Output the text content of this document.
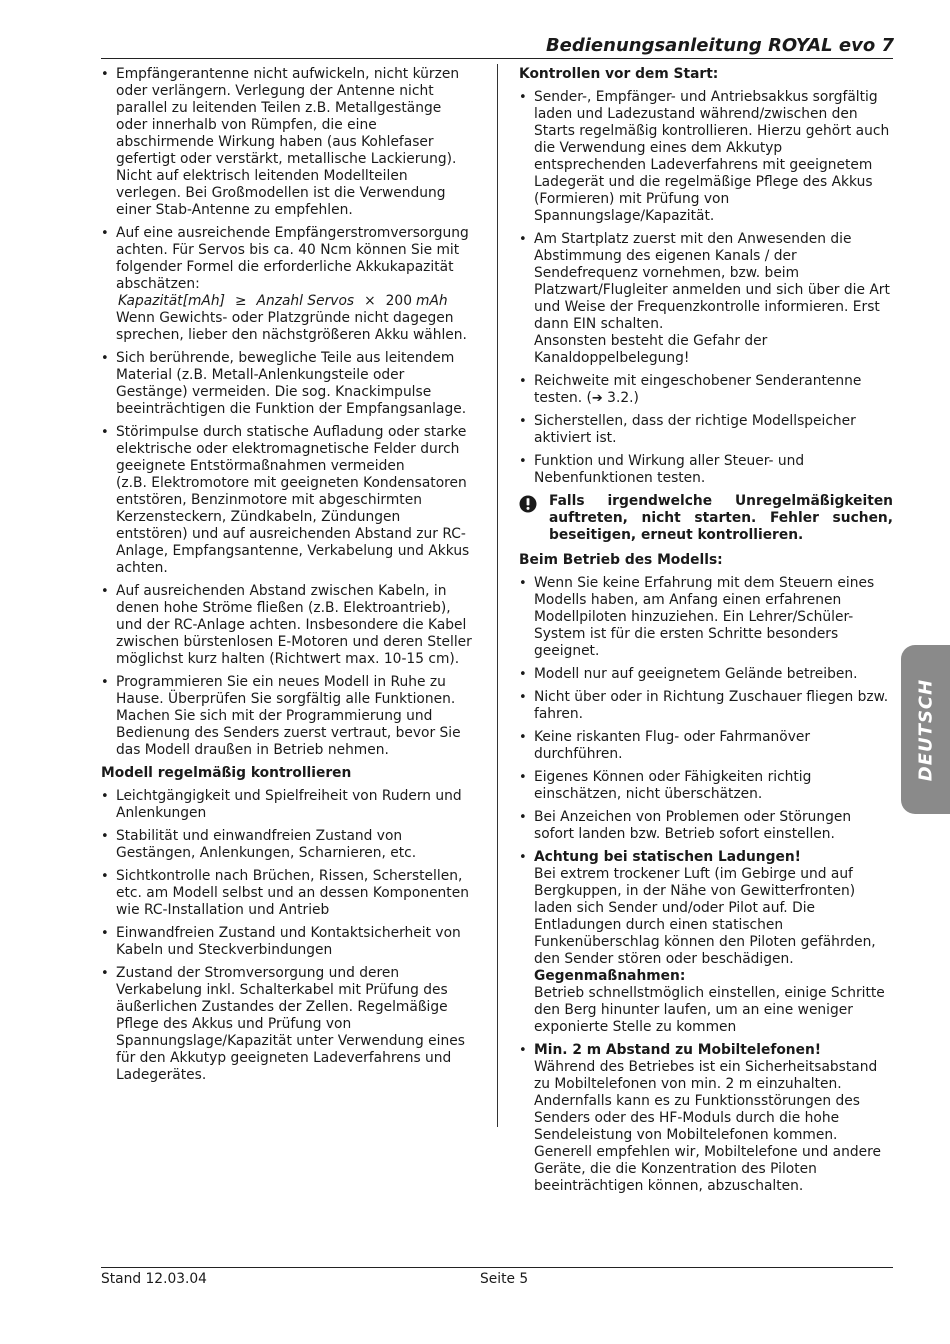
Bedienungsanleitung ROYAL evo 7
• Empfängerantenne nicht aufwickeln, nicht kürzen oder verlängern. Verlegung der Antenne nicht parallel zu leitenden Teilen z.B. Metallgestänge oder innerhalb von Rümpfen, die eine abschirmende Wirkung haben (aus Kohlefaser gefertigt oder verstärkt, metallische Lackierung). Nicht auf elektrisch leitenden Modellteilen verlegen. Bei Großmodellen ist die Verwendung einer Stab-Antenne zu empfehlen.
• Auf eine ausreichende Empfängerstromversorgung achten. Für Servos bis ca. 40 Ncm können Sie mit folgender Formel die erforderliche Akkukapazität abschätzen:
Kapazität [mAh] ≥ Anzahl Servos × 200 mAh
Wenn Gewichts- oder Platzgründe nicht dagegen sprechen, lieber den nächstgrößeren Akku wählen.
• Sich berührende, bewegliche Teile aus leitendem Material (z.B. Metall-Anlenkungsteile oder Gestänge) vermeiden. Die sog. Knackimpulse beeinträchtigen die Funktion der Empfangsanlage.
• Störimpulse durch statische Aufladung oder starke elektrische oder elektromagnetische Felder durch geeignete Entstörmaßnahmen vermeiden
(z.B. Elektromotore mit geeigneten Kondensatoren entstören, Benzinmotore mit abgeschirmten Kerzensteckern, Zündkabeln, Zündungen entstören) und auf ausreichenden Abstand zur RC-Anlage, Empfangsantenne, Verkabelung und Akkus achten.
• Auf ausreichenden Abstand zwischen Kabeln, in denen hohe Ströme fließen (z.B. Elektroantrieb), und der RC-Anlage achten. Insbesondere die Kabel zwischen bürstenlosen E-Motoren und deren Steller möglichst kurz halten (Richtwert max. 10-15 cm).
• Programmieren Sie ein neues Modell in Ruhe zu Hause. Überprüfen Sie sorgfältig alle Funktionen. Machen Sie sich mit der Programmierung und Bedienung des Senders zuerst vertraut, bevor Sie das Modell draußen in Betrieb nehmen.
Modell regelmäßig kontrollieren
• Leichtgängigkeit und Spielfreiheit von Rudern und Anlenkungen
• Stabilität und einwandfreien Zustand von Gestängen, Anlenkungen, Scharnieren, etc.
• Sichtkontrolle nach Brüchen, Rissen, Scherstellen, etc. am Modell selbst und an dessen Komponenten wie RC-Installation und Antrieb
• Einwandfreien Zustand und Kontaktsicherheit von Kabeln und Steckverbindungen
• Zustand der Stromversorgung und deren Verkabelung inkl. Schalterkabel mit Prüfung des äußerlichen Zustandes der Zellen. Regelmäßige Pflege des Akkus und Prüfung von Spannungslage/Kapazität unter Verwendung eines für den Akkutyp geeigneten Ladeverfahrens und Ladegerätes.
Kontrollen vor dem Start:
• Sender-, Empfänger- und Antriebsakkus sorgfältig laden und Ladezustand während/zwischen den Starts regelmäßig kontrollieren. Hierzu gehört auch die Verwendung eines dem Akkutyp entsprechenden Ladeverfahrens mit geeignetem Ladegerät und die regelmäßige Pflege des Akkus (Formieren) mit Prüfung von Spannungslage/Kapazität.
• Am Startplatz zuerst mit den Anwesenden die Abstimmung des eigenen Kanals / der Sendefrequenz vornehmen, bzw. beim Platzwart/Flugleiter anmelden und sich über die Art und Weise der Frequenzkontrolle informieren. Erst dann EIN schalten.
Ansonsten besteht die Gefahr der Kanaldoppelbelegung!
• Reichweite mit eingeschobener Senderantenne testen. (➔ 3.2.)
• Sicherstellen, dass der richtige Modellspeicher aktiviert ist.
• Funktion und Wirkung aller Steuer- und Nebenfunktionen testen.
Falls irgendwelche Unregelmäßigkeiten auftreten, nicht starten. Fehler suchen, beseitigen, erneut kontrollieren.
Beim Betrieb des Modells:
• Wenn Sie keine Erfahrung mit dem Steuern eines Modells haben, am Anfang einen erfahrenen Modellpiloten hinzuziehen. Ein Lehrer/Schüler-System ist für die ersten Schritte besonders geeignet.
• Modell nur auf geeignetem Gelände betreiben.
• Nicht über oder in Richtung Zuschauer fliegen bzw. fahren.
• Keine riskanten Flug- oder Fahrmanöver durchführen.
• Eigenes Können oder Fähigkeiten richtig einschätzen, nicht überschätzen.
• Bei Anzeichen von Problemen oder Störungen sofort landen bzw. Betrieb sofort einstellen.
• Achtung bei statischen Ladungen!
Bei extrem trockener Luft (im Gebirge und auf Bergkuppen, in der Nähe von Gewitterfronten) laden sich Sender und/oder Pilot auf. Die Entladungen durch einen statischen Funkenüberschlag können den Piloten gefährden, den Sender stören oder beschädigen.
Gegenmaßnahmen:
Betrieb schnellstmöglich einstellen, einige Schritte den Berg hinunter laufen, um an eine weniger exponierte Stelle zu kommen
• Min. 2 m Abstand zu Mobiltelefonen!
Während des Betriebes ist ein Sicherheitsabstand zu Mobiltelefonen von min. 2 m einzuhalten. Andernfalls kann es zu Funktionsstörungen des Senders oder des HF-Moduls durch die hohe Sendeleistung von Mobiltelefonen kommen.
Generell empfehlen wir, Mobiltelefone und andere Geräte, die die Konzentration des Piloten beeinträchtigen können, abzuschalten.
DEUTSCH
Stand 12.03.04	Seite 5
